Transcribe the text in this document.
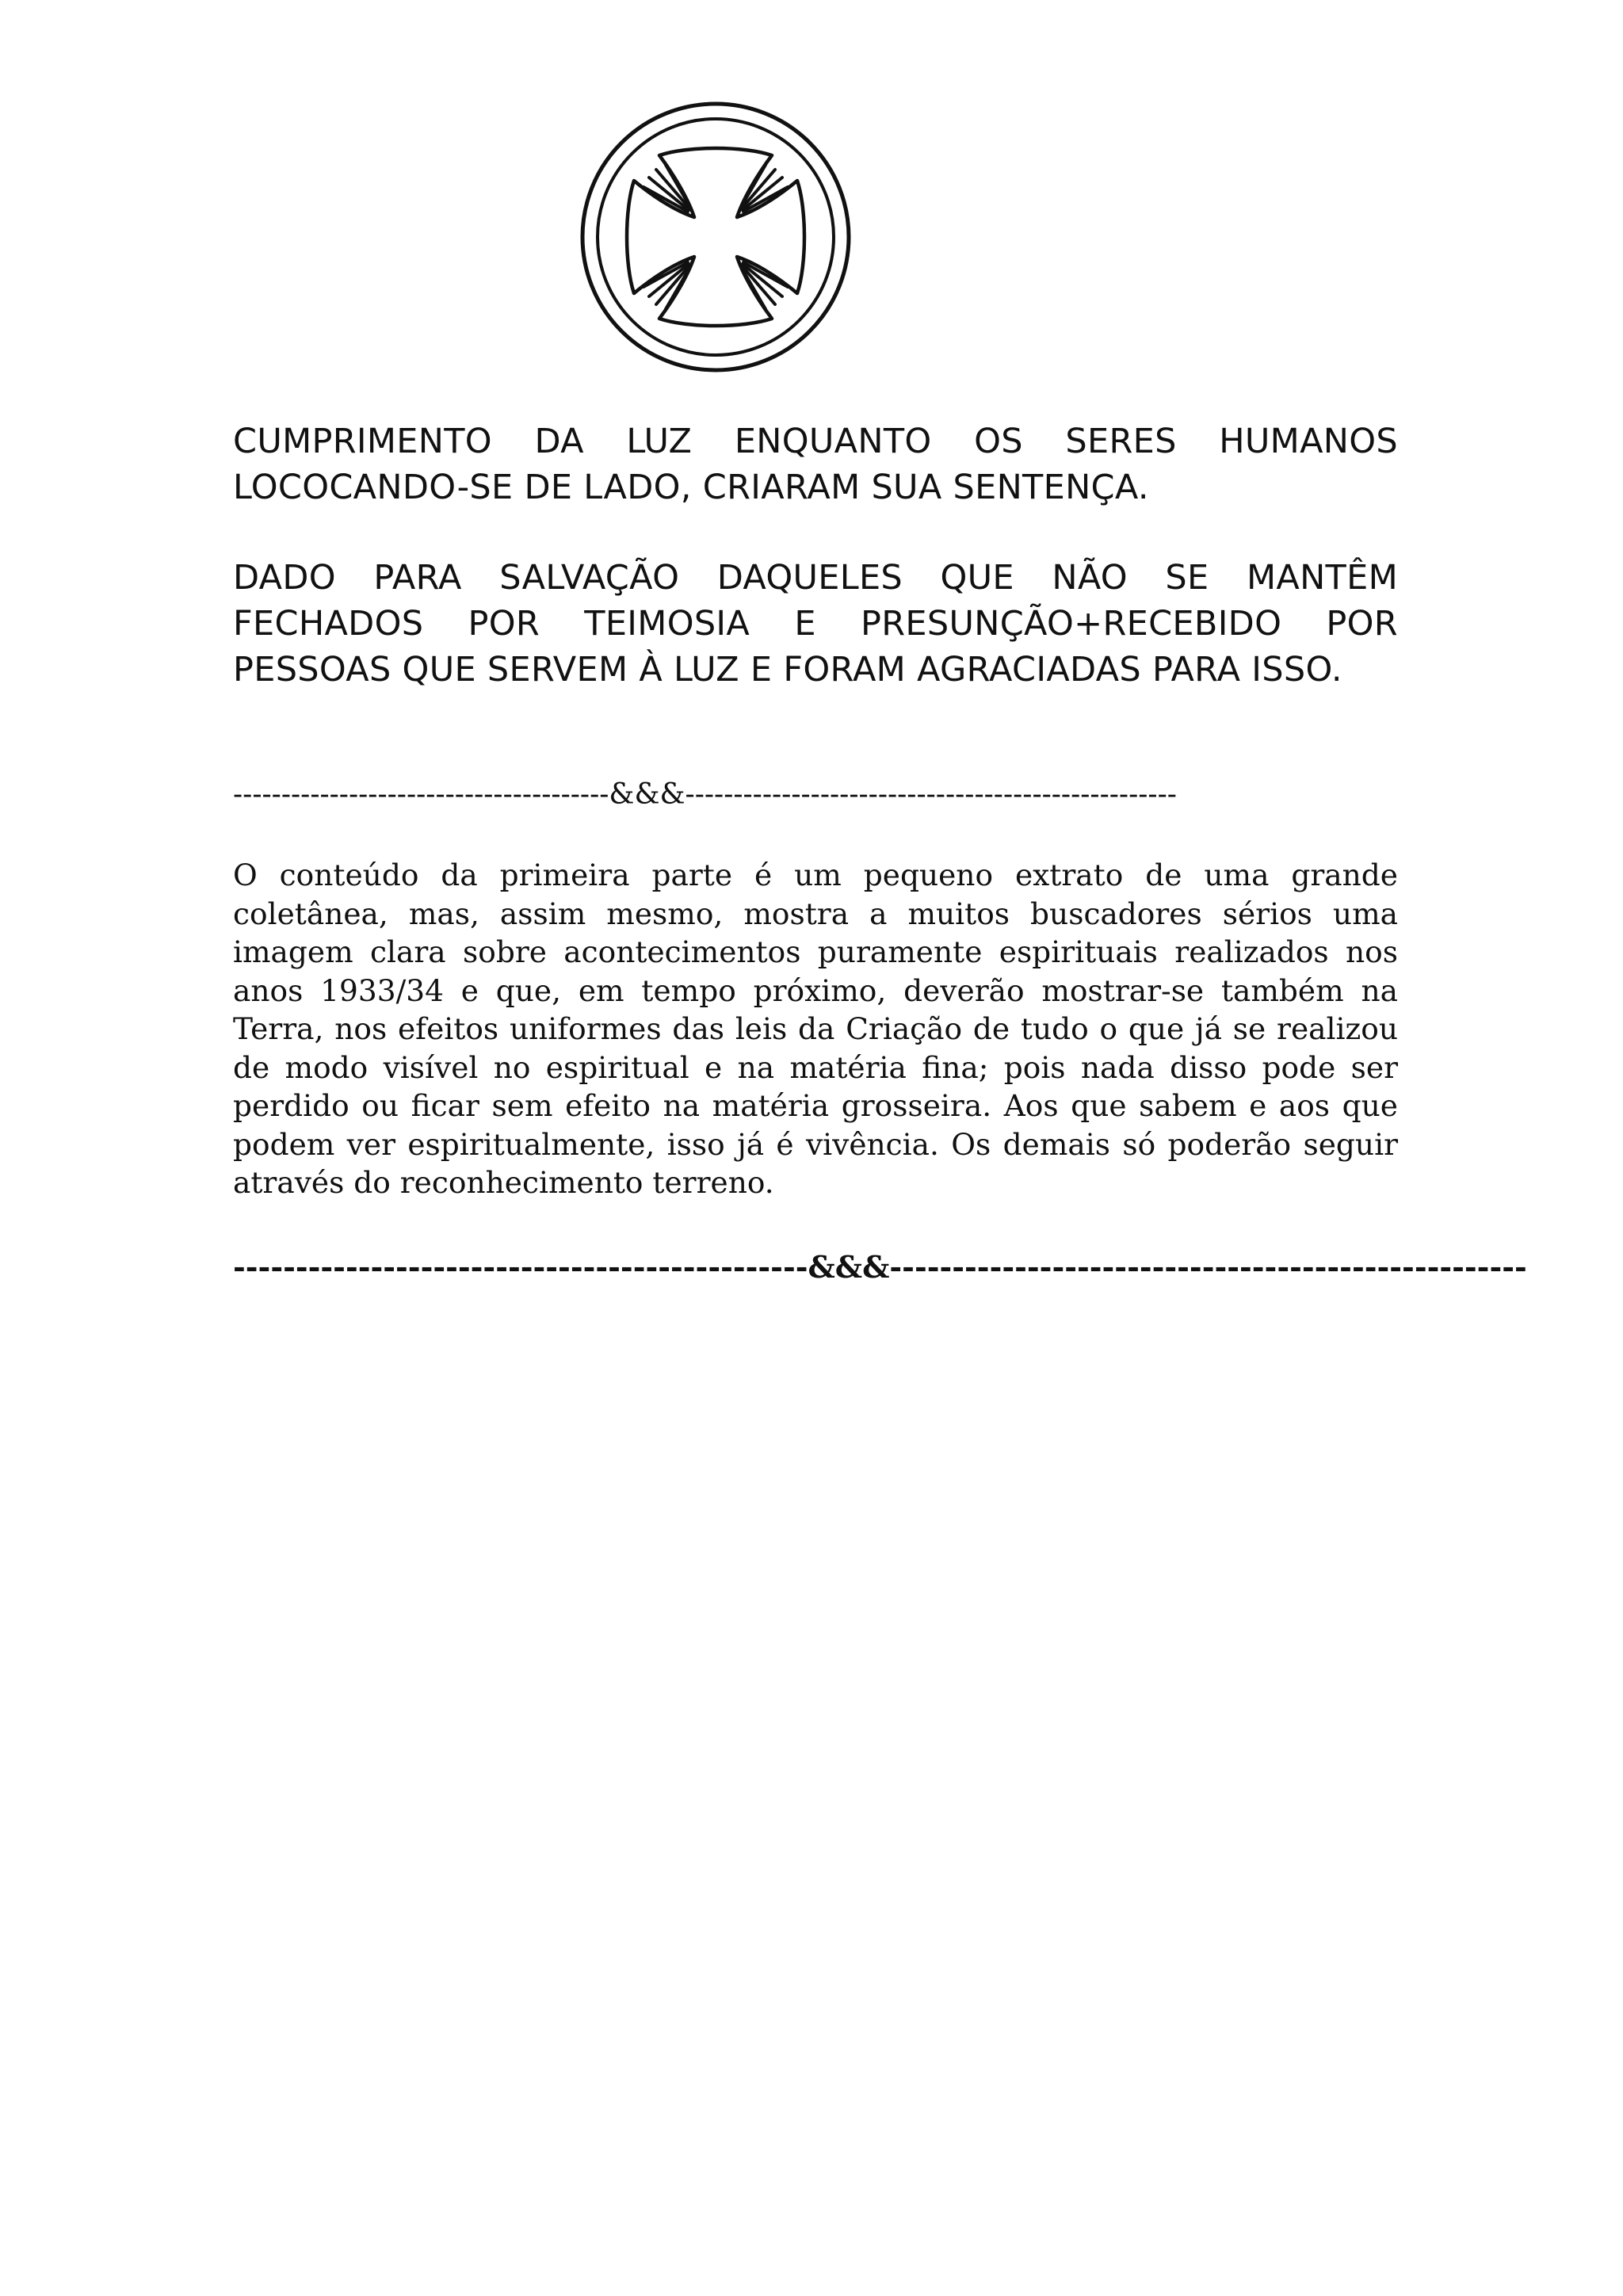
CUMPRIMENTO DA LUZ ENQUANTO OS SERES HUMANOS LOCOCANDO-SE DE LADO, CRIARAM SUA SENTENÇA.

DADO PARA SALVAÇÃO DAQUELES QUE NÃO SE MANTÊM FECHADOS POR TEIMOSIA E PRESUNÇÃO+RECEBIDO POR PESSOAS QUE SERVEM À LUZ E FORAM AGRACIADAS PARA ISSO.

---------------------------------------&&&---------------------------------------------------

O conteúdo da primeira parte é um pequeno extrato de uma grande coletânea, mas, assim mesmo, mostra a muitos buscadores sérios uma imagem clara sobre acontecimentos puramente espirituais realizados nos anos 1933/34 e que, em tempo próximo, deverão mostrar-se também na Terra, nos efeitos uniformes das leis da Criação de tudo o que já se realizou de modo visível no espiritual e na matéria fina; pois nada disso pode ser perdido ou ficar sem efeito na matéria grosseira. Aos que sabem e aos que podem ver espiritualmente, isso já é vivência. Os demais só poderão seguir através do reconhecimento terreno.

----------------------------------------------&&&---------------------------------------------------
